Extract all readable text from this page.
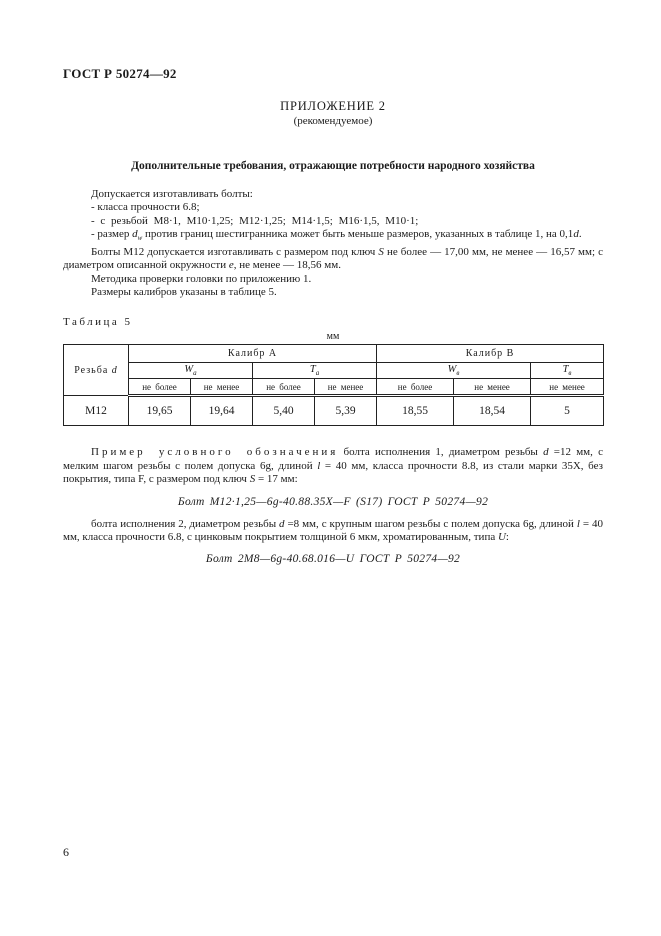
ГОСТ Р 50274—92
ПРИЛОЖЕНИЕ 2
(рекомендуемое)
Дополнительные требования, отражающие потребности народного хозяйства

Допускается изготавливать болты:

- класса прочности 6.8;

- с резьбой М8·1, М10·1,25; М12·1,25; М14·1,5; М16·1,5, М10·1;

- размер $d_w$ против границ шестигранника может быть меньше размеров, указанных в таблице 1, на 0,1d.

Болты М12 допускается изготавливать с размером под ключ S не более — 17,00 мм, не менее — 16,57 мм; с диаметром описанной окружности e, не менее — 18,56 мм.

Методика проверки головки по приложению 1.

Размеры калибров указаны в таблице 5.

Таблица 5
мм
Резьба d	Калибр А				Калибр В		
	$W_а$		$T_а$		$W_в$		$T_в$
	не более	не менее	не более	не менее	не более	не менее	не менее
М12	19,65	19,64	5,40	5,39	18,55	18,54	5

Пример условного обозначения болта исполнения 1, диаметром резьбы d =12 мм, с мелким шагом резьбы с полем допуска 6g, длиной l = 40 мм, класса прочности 8.8, из стали марки 35Х, без покрытия, типа F, с размером под ключ S = 17 мм:

Болт М12·1,25—6g-40.88.35Х—F (S17) ГОСТ Р 50274—92

болта исполнения 2, диаметром резьбы d =8 мм, с крупным шагом резьбы с полем допуска 6g, длиной l = 40 мм, класса прочности 6.8, с цинковым покрытием толщиной 6 мкм, хроматированным, типа U:

Болт 2М8—6g-40.68.016—U ГОСТ Р 50274—92
6
